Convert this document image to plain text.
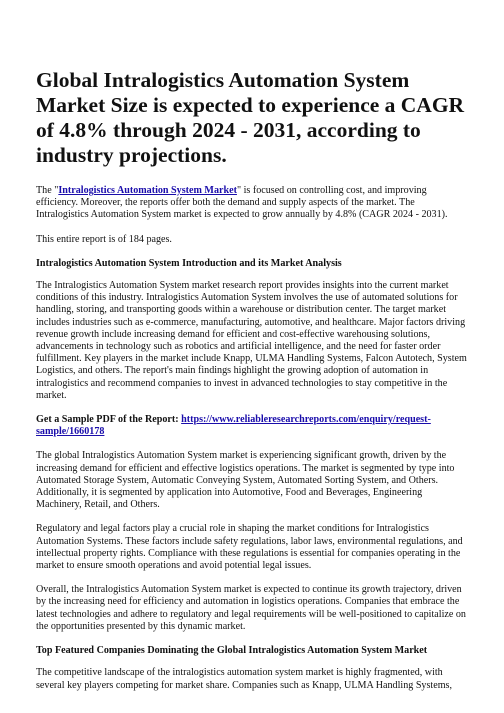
Global Intralogistics Automation System Market Size is expected to experience a CAGR of 4.8% through 2024 - 2031, according to industry projections.

The "Intralogistics Automation System Market" is focused on controlling cost, and improving efficiency. Moreover, the reports offer both the demand and supply aspects of the market. The Intralogistics Automation System market is expected to grow annually by 4.8% (CAGR 2024 - 2031).

This entire report is of 184 pages.

Intralogistics Automation System Introduction and its Market Analysis

The Intralogistics Automation System market research report provides insights into the current market conditions of this industry. Intralogistics Automation System involves the use of automated solutions for handling, storing, and transporting goods within a warehouse or distribution center. The target market includes industries such as e-commerce, manufacturing, automotive, and healthcare. Major factors driving revenue growth include increasing demand for efficient and cost-effective warehousing solutions, advancements in technology such as robotics and artificial intelligence, and the need for faster order fulfillment. Key players in the market include Knapp, ULMA Handling Systems, Falcon Autotech, System Logistics, and others. The report's main findings highlight the growing adoption of automation in intralogistics and recommend companies to invest in advanced technologies to stay competitive in the market.

Get a Sample PDF of the Report: https://www.reliableresearchreports.com/enquiry/request-sample/1660178

The global Intralogistics Automation System market is experiencing significant growth, driven by the increasing demand for efficient and effective logistics operations. The market is segmented by type into Automated Storage System, Automatic Conveying System, Automated Sorting System, and Others. Additionally, it is segmented by application into Automotive, Food and Beverages, Engineering Machinery, Retail, and Others.

Regulatory and legal factors play a crucial role in shaping the market conditions for Intralogistics Automation Systems. These factors include safety regulations, labor laws, environmental regulations, and intellectual property rights. Compliance with these regulations is essential for companies operating in the market to ensure smooth operations and avoid potential legal issues.

Overall, the Intralogistics Automation System market is expected to continue its growth trajectory, driven by the increasing need for efficiency and automation in logistics operations. Companies that embrace the latest technologies and adhere to regulatory and legal requirements will be well-positioned to capitalize on the opportunities presented by this dynamic market.

Top Featured Companies Dominating the Global Intralogistics Automation System Market

The competitive landscape of the intralogistics automation system market is highly fragmented, with several key players competing for market share. Companies such as Knapp, ULMA Handling Systems,
